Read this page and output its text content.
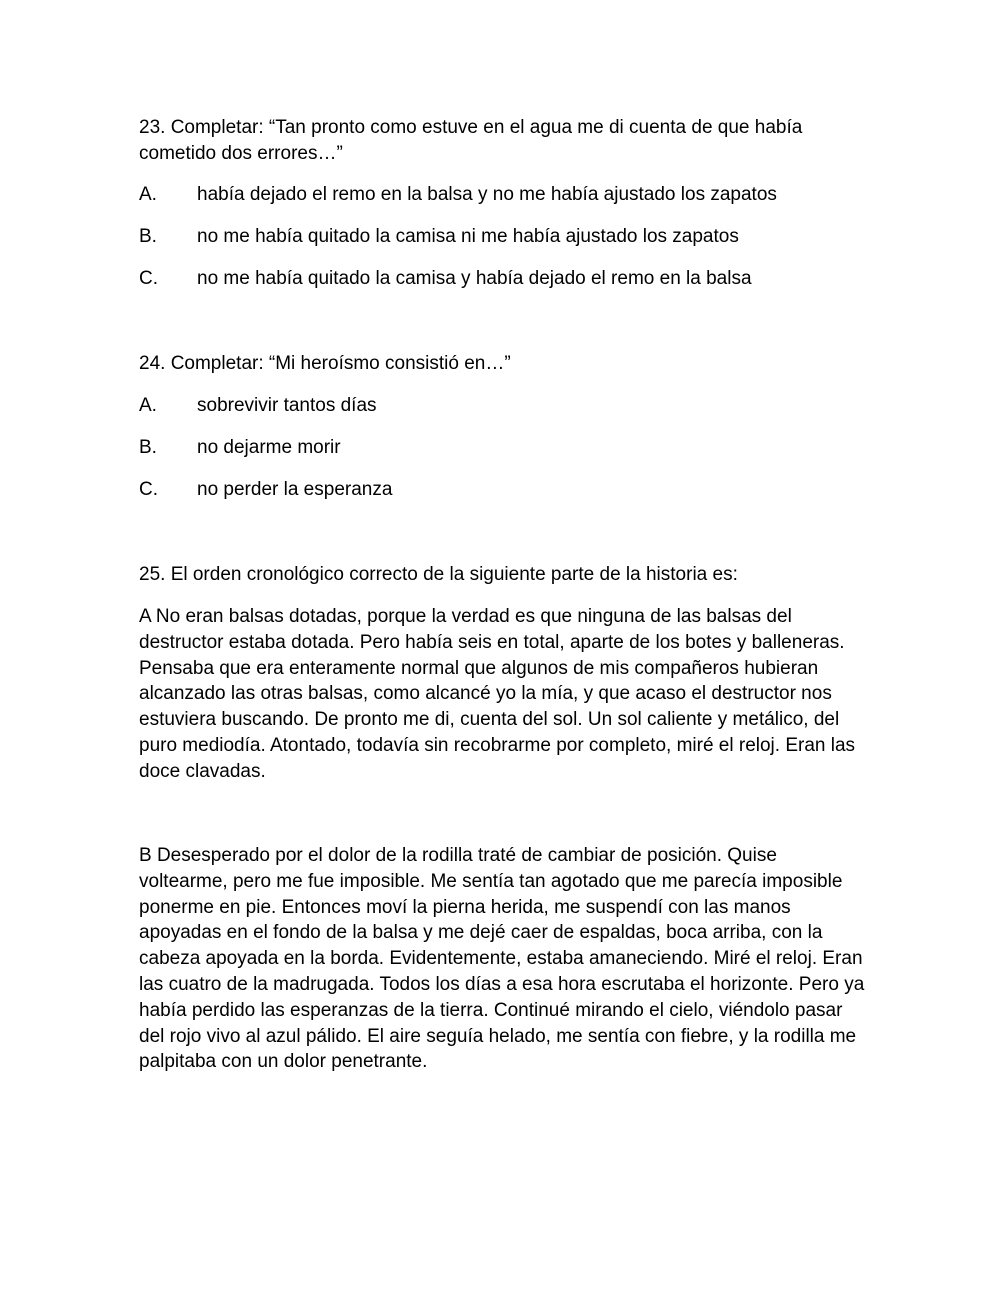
23. Completar: “Tan pronto como estuve en el agua me di cuenta de que había cometido dos errores…”

A. había dejado el remo en la balsa y no me había ajustado los zapatos
B. no me había quitado la camisa ni me había ajustado los zapatos
C. no me había quitado la camisa y había dejado el remo en la balsa

24. Completar: “Mi heroísmo consistió en…”

A. sobrevivir tantos días
B. no dejarme morir
C. no perder la esperanza

25. El orden cronológico correcto de la siguiente parte de la historia es:

A No eran balsas dotadas, porque la verdad es que ninguna de las balsas del destructor estaba dotada. Pero había seis en total, aparte de los botes y balleneras. Pensaba que era enteramente normal que algunos de mis compañeros hubieran alcanzado las otras balsas, como alcancé yo la mía, y que acaso el destructor nos estuviera buscando. De pronto me di, cuenta del sol. Un sol caliente y metálico, del puro mediodía. Atontado, todavía sin recobrarme por completo, miré el reloj. Eran las doce clavadas.

B Desesperado por el dolor de la rodilla traté de cambiar de posición. Quise voltearme, pero me fue imposible. Me sentía tan agotado que me parecía imposible ponerme en pie. Entonces moví la pierna herida, me suspendí con las manos apoyadas en el fondo de la balsa y me dejé caer de espaldas, boca arriba, con la cabeza apoyada en la borda. Evidentemente, estaba amaneciendo. Miré el reloj. Eran las cuatro de la madrugada. Todos los días a esa hora escrutaba el horizonte. Pero ya había perdido las esperanzas de la tierra. Continué mirando el cielo, viéndolo pasar del rojo vivo al azul pálido. El aire seguía helado, me sentía con fiebre, y la rodilla me palpitaba con un dolor penetrante.
